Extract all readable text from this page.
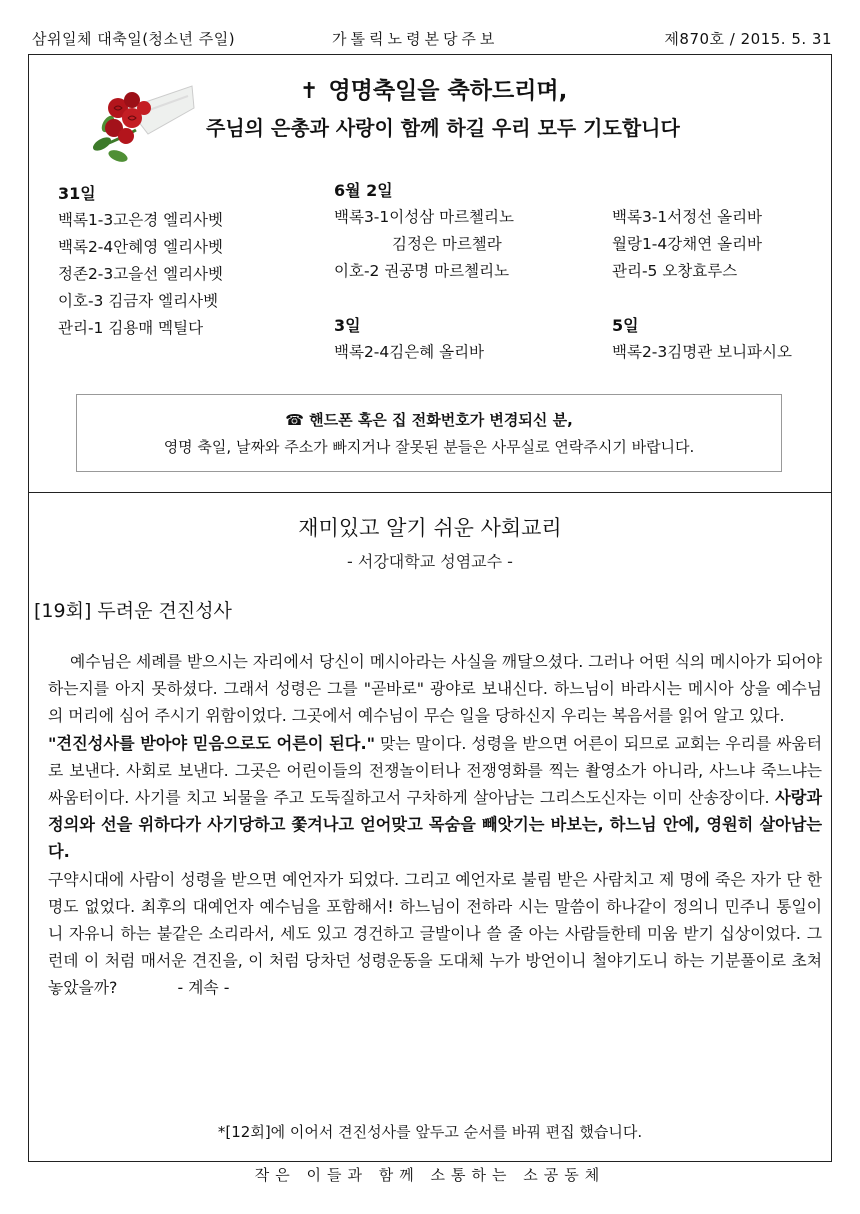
삼위일체 대축일(청소년 주일)	가톨릭노령본당주보	제870호 / 2015. 5. 31
✝ 영명축일을 축하드리며,
주님의 은총과 사랑이 함께 하길 우리 모두 기도합니다
31일
백록1-3고은경 엘리사벳
백록2-4안혜영 엘리사벳
정존2-3고을선 엘리사벳
이호-3 김금자 엘리사벳
관리-1 김용매 멕틸다
6월 2일
백록3-1이성삼 마르첼리노
김정은 마르첼라
이호-2 권공명 마르첼리노
백록3-1서정선 올리바
월랑1-4강채연 올리바
관리-5 오창효루스
3일
백록2-4김은혜 올리바
5일
백록2-3김명관 보니파시오
☎ 핸드폰 혹은 집 전화번호가 변경되신 분,
영명 축일, 날짜와 주소가 빠지거나 잘못된 분들은 사무실로 연락주시기 바랍니다.
재미있고 알기 쉬운 사회교리
- 서강대학교 성염교수 -
[19회] 두려운 견진성사

예수님은 세례를 받으시는 자리에서 당신이 메시아라는 사실을 깨달으셨다. 그러나 어떤 식의 메시아가 되어야 하는지를 아지 못하셨다. 그래서 성령은 그를 "곧바로" 광야로 보내신다. 하느님이 바라시는 메시아 상을 예수님의 머리에 심어 주시기 위함이었다. 그곳에서 예수님이 무슨 일을 당하신지 우리는 복음서를 읽어 알고 있다.

"견진성사를 받아야 믿음으로도 어른이 된다." 맞는 말이다. 성령을 받으면 어른이 되므로 교회는 우리를 싸움터로 보낸다. 사회로 보낸다. 그곳은 어린이들의 전쟁놀이터나 전쟁영화를 찍는 촬영소가 아니라, 사느냐 죽느냐는 싸움터이다. 사기를 치고 뇌물을 주고 도둑질하고서 구차하게 살아남는 그리스도신자는 이미 산송장이다. 사랑과 정의와 선을 위하다가 사기당하고 쫓겨나고 얻어맞고 목숨을 빼앗기는 바보는, 하느님 안에, 영원히 살아남는다.

구약시대에 사람이 성령을 받으면 예언자가 되었다. 그리고 예언자로 불림 받은 사람치고 제 명에 죽은 자가 단 한 명도 없었다. 최후의 대예언자 예수님을 포함해서! 하느님이 전하라 시는 말씀이 하나같이 정의니 민주니 통일이니 자유니 하는 불같은 소리라서, 세도 있고 경건하고 글발이나 쓸 줄 아는 사람들한테 미움 받기 십상이었다. 그런데 이 처럼 매서운 견진을, 이 처럼 당차던 성령운동을 도대체 누가 방언이니 철야기도니 하는 기분풀이로 초쳐놓았을까?	- 계속 -

*[12회]에 이어서 견진성사를 앞두고 순서를 바꿔 편집 했습니다.
작은 이들과 함께 소통하는 소공동체
